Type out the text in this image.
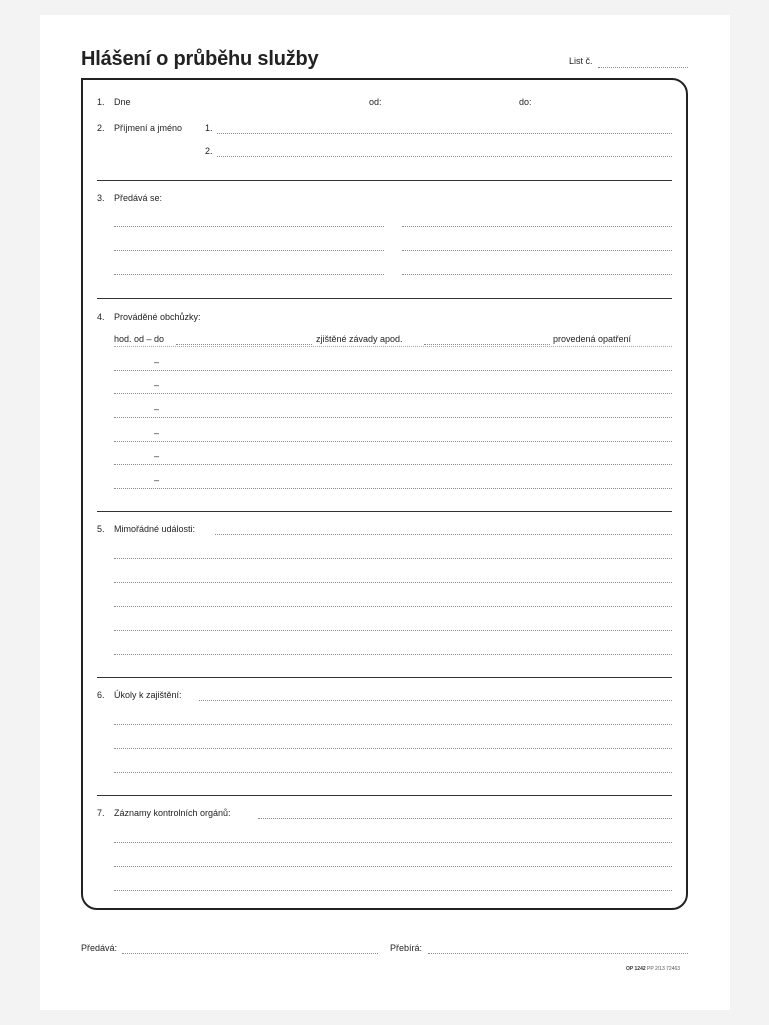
Hlášení o průběhu služby	List č.
1. Dne	od:	do:
2. Příjmení a jméno	1.
2.
3. Předává se:
4. Prováděné obchůzky:
hod. od – do	zjištěné závady apod.	provedená opatření
–
–
–
–
–
–
5. Mimořádné události:
6. Úkoly k zajištění:
7. Záznamy kontrolních orgánů:
Předává:	Přebírá:
OP 1242 PP 2/13 72463
